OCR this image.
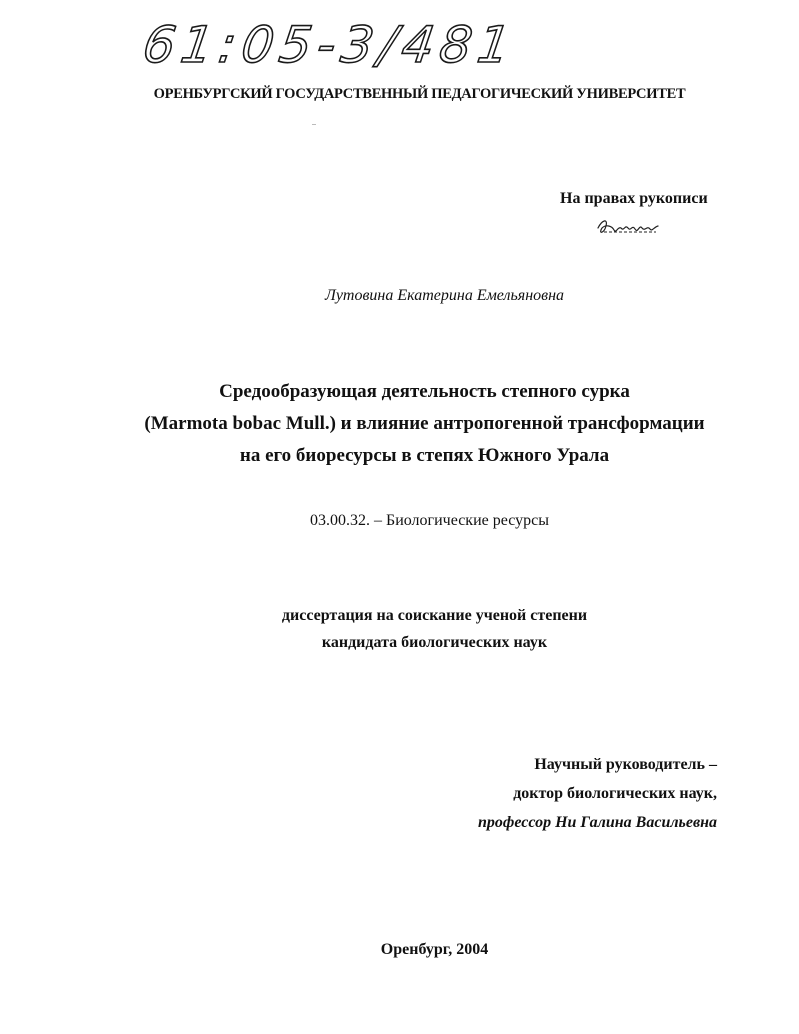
61:05-3/481
ОРЕНБУРГСКИЙ ГОСУДАРСТВЕННЫЙ ПЕДАГОГИЧЕСКИЙ УНИВЕРСИТЕТ
На правах рукописи
Лутовина Екатерина Емельяновна
Средообразующая деятельность степного сурка
(Marmota bobac Mull.) и влияние антропогенной трансформации
на его биоресурсы в степях Южного Урала
03.00.32. – Биологические ресурсы
диссертация на соискание ученой степени
кандидата биологических наук
Научный руководитель –
доктор биологических наук,
профессор Ни Галина Васильевна
Оренбург, 2004
